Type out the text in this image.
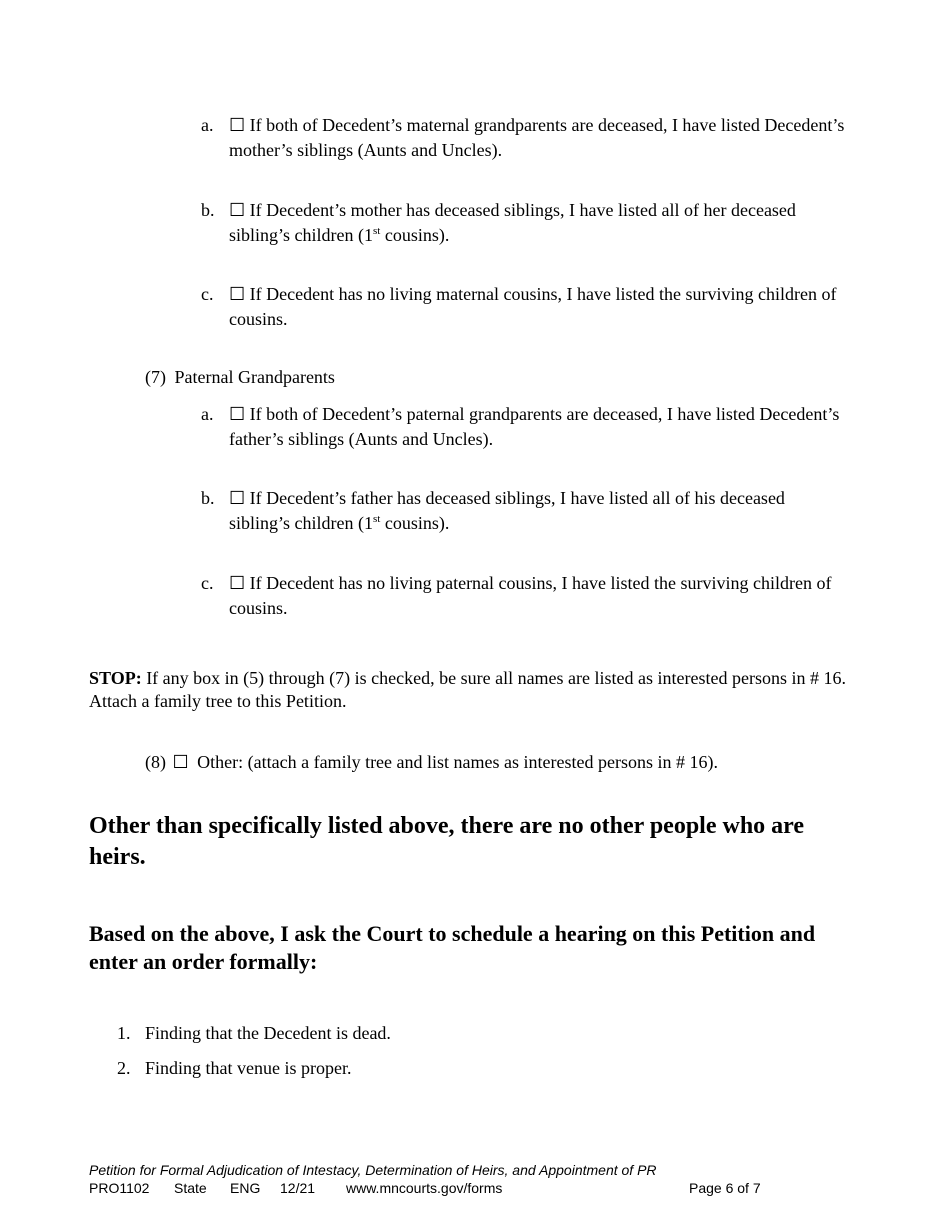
a. ☐ If both of Decedent’s maternal grandparents are deceased, I have listed Decedent’s mother’s siblings (Aunts and Uncles).
b. ☐ If Decedent’s mother has deceased siblings, I have listed all of her deceased sibling’s children (1st cousins).
c. ☐ If Decedent has no living maternal cousins, I have listed the surviving children of cousins.
(7) Paternal Grandparents
a. ☐ If both of Decedent’s paternal grandparents are deceased, I have listed Decedent’s father’s siblings (Aunts and Uncles).
b. ☐ If Decedent’s father has deceased siblings, I have listed all of his deceased sibling’s children (1st cousins).
c. ☐ If Decedent has no living paternal cousins, I have listed the surviving children of cousins.
STOP: If any box in (5) through (7) is checked, be sure all names are listed as interested persons in # 16. Attach a family tree to this Petition.
(8) ☐ Other: (attach a family tree and list names as interested persons in # 16).
Other than specifically listed above, there are no other people who are heirs.
Based on the above, I ask the Court to schedule a hearing on this Petition and enter an order formally:
1. Finding that the Decedent is dead.
2. Finding that venue is proper.
Petition for Formal Adjudication of Intestacy, Determination of Heirs, and Appointment of PR
PRO1102 State ENG 12/21 www.mncourts.gov/forms	Page 6 of 7
